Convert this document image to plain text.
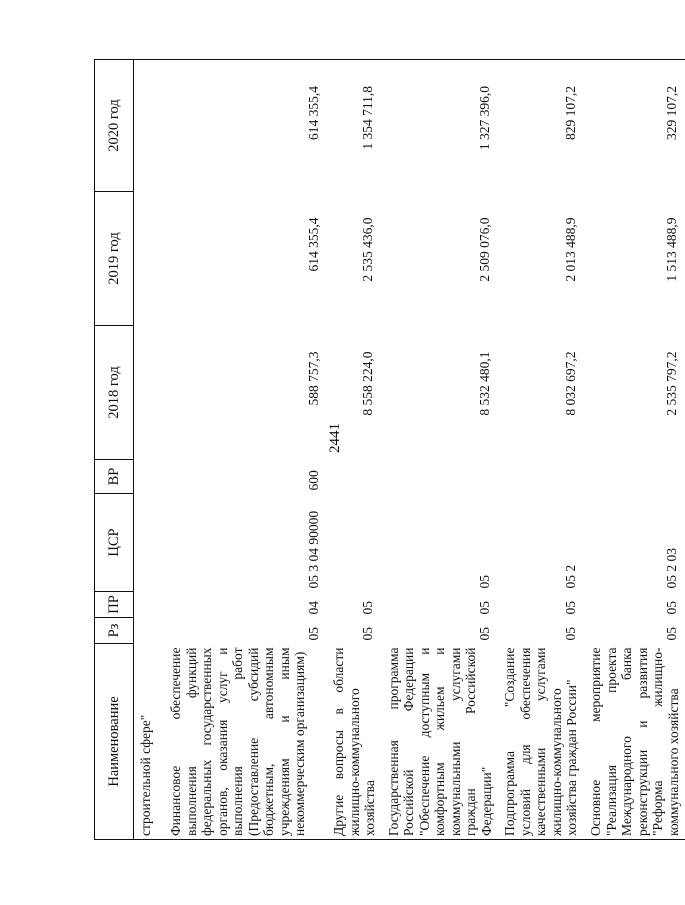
2441
Наименование	Рз	ПР	ЦСР	ВР	2018 год	2019 год	2020 год
строительной сфере"							
Финансовое обеспечение выполнения функций федеральных государственных органов, оказания услуг и выполнения работ (Предоставление субсидий бюджетным, автономным учреждениям и иным некоммерческим организациям)	05	04	05 3 04 90000	600	588 757,3	614 355,4	614 355,4
Другие вопросы в области жилищно-коммунального хозяйства	05	05			8 558 224,0	2 535 436,0	1 354 711,8
Государственная программа Российской Федерации "Обеспечение доступным и комфортным жильем и коммунальными услугами граждан Российской Федерации"	05	05	05		8 532 480,1	2 509 076,0	1 327 396,0
Подпрограмма "Создание условий для обеспечения качественными услугами жилищно-коммунального хозяйства граждан России"	05	05	05 2		8 032 697,2	2 013 488,9	829 107,2
Основное мероприятие "Реализация проекта Международного банка реконструкции и развития "Реформа жилищно-коммунального хозяйства	05	05	05 2 03		2 535 797,2	1 513 488,9	329 107,2
